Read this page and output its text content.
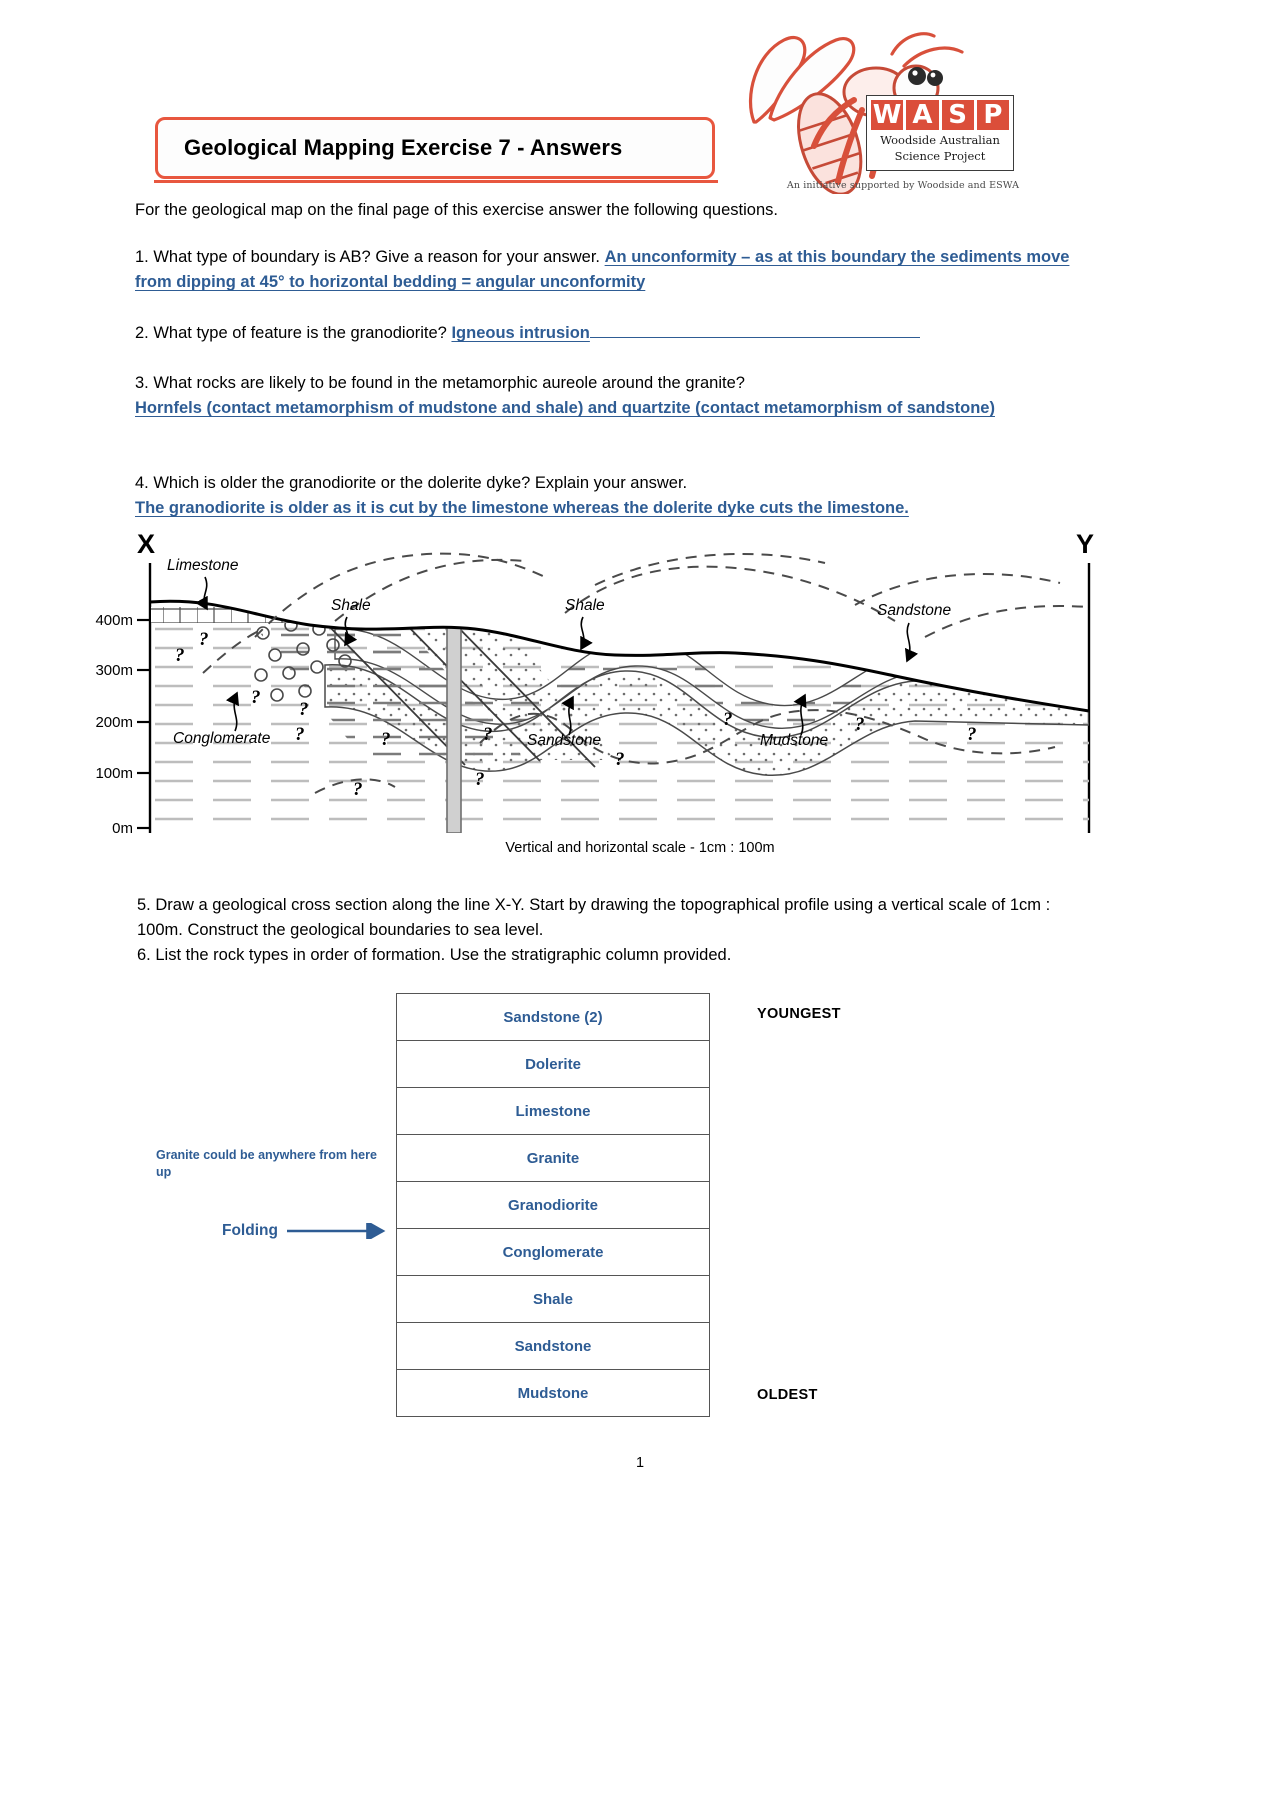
Geological Mapping Exercise 7 - Answers
W A S P
Woodside Australian
Science Project
An initiative supported by Woodside and ESWA
For the geological map on the final page of this exercise answer the following questions.
1. What type of boundary is AB? Give a reason for your answer. An unconformity – as at this boundary the sediments move from dipping at 45° to horizontal bedding = angular unconformity
2. What type of feature is the granodiorite? Igneous intrusion
3. What rocks are likely to be found in the metamorphic aureole around the granite?
Hornfels (contact metamorphism of mudstone and shale) and quartzite (contact metamorphism of sandstone)
4. Which is older the granodiorite or the dolerite dyke? Explain your answer.
The granodiorite is older as it is cut by the limestone whereas the dolerite dyke cuts the limestone.
X	Y
400m
300m
200m
100m
0m
Limestone
Shale	Shale	Sandstone
Conglomerate	Sandstone	Mudstone
?
?
?
?
?	?
?
?
?
?
?	?	?
Vertical and horizontal scale - 1cm : 100m
5. Draw a geological cross section along the line X-Y. Start by drawing the topographical profile using a vertical scale of 1cm : 100m. Construct the geological boundaries to sea level.
6. List the rock types in order of formation. Use the stratigraphic column provided.
Sandstone (2)
Dolerite
Limestone
Granite
Granodiorite
Conglomerate
Shale
Sandstone
Mudstone
YOUNGEST
OLDEST
Granite could be anywhere from here up
Folding
1
